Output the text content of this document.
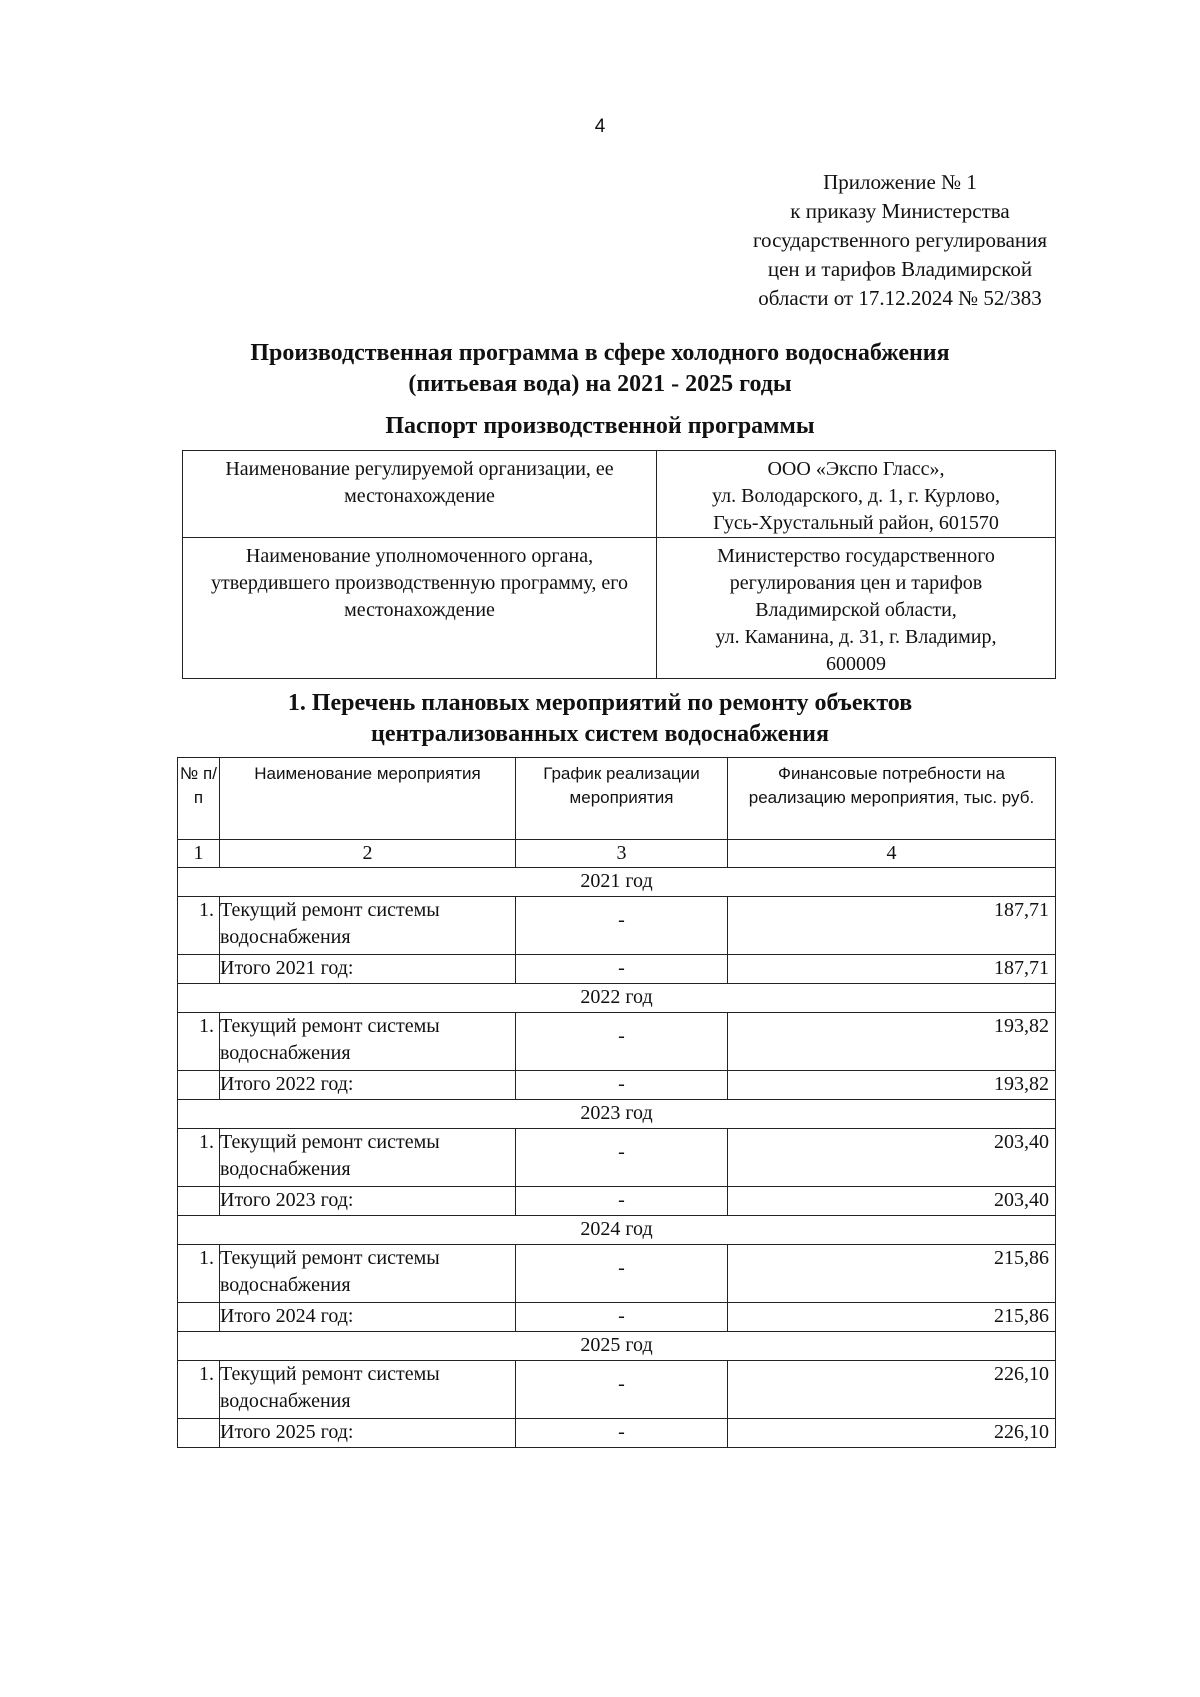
4
Приложение № 1
к приказу Министерства
государственного регулирования
цен и тарифов Владимирской
области от 17.12.2024 № 52/383
Производственная программа в сфере холодного водоснабжения
(питьевая вода) на 2021 - 2025 годы
Паспорт производственной программы
Наименование регулируемой организации, ее местонахождение	ООО «Экспо Гласс»,
ул. Володарского, д. 1, г. Курлово,
Гусь-Хрустальный район, 601570

Наименование уполномоченного органа, утвердившего производственную программу, его местонахождение	Министерство государственного
регулирования цен и тарифов
Владимирской области,
ул. Каманина, д. 31, г. Владимир,
600009
1. Перечень плановых мероприятий по ремонту объектов
централизованных систем водоснабжения
№ п/п	Наименование мероприятия	График реализации мероприятия	Финансовые потребности на реализацию мероприятия, тыс. руб.
1	2	3	4
2021 год			
1.	Текущий ремонт системы водоснабжения	-	187,71
	Итого 2021 год:	-	187,71
2022 год			
1.	Текущий ремонт системы водоснабжения	-	193,82
	Итого 2022 год:	-	193,82
2023 год			
1.	Текущий ремонт системы водоснабжения	-	203,40
	Итого 2023 год:	-	203,40
2024 год			
1.	Текущий ремонт системы водоснабжения	-	215,86
	Итого 2024 год:	-	215,86
2025 год			
1.	Текущий ремонт системы водоснабжения	-	226,10
	Итого 2025 год:	-	226,10
